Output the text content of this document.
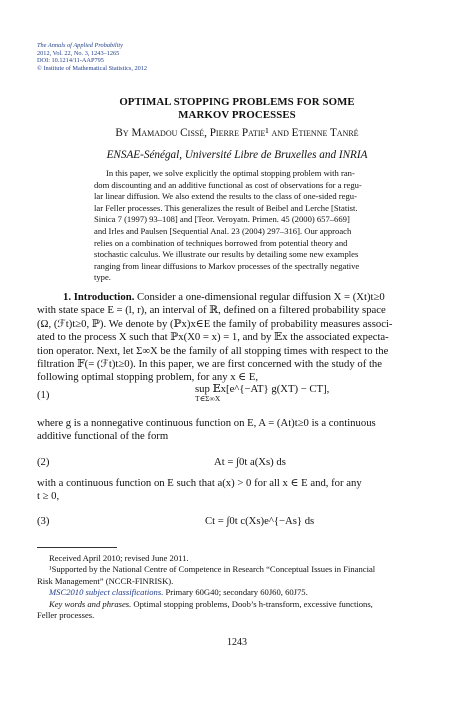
The Annals of Applied Probability
2012, Vol. 22, No. 3, 1243–1265
DOI: 10.1214/11-AAP795
© Institute of Mathematical Statistics, 2012
OPTIMAL STOPPING PROBLEMS FOR SOME
MARKOV PROCESSES
By Mamadou Cissé, Pierre Patie¹ and Etienne Tanré
ENSAE-Sénégal, Université Libre de Bruxelles and INRIA
In this paper, we solve explicitly the optimal stopping problem with ran-
dom discounting and an additive functional as cost of observations for a regu-
lar linear diffusion. We also extend the results to the class of one-sided regu-
lar Feller processes. This generalizes the result of Beibel and Lerche [Statist.
Sinica 7 (1997) 93–108] and [Teor. Veroyatn. Primen. 45 (2000) 657–669]
and Irles and Paulsen [Sequential Anal. 23 (2004) 297–316]. Our approach
relies on a combination of techniques borrowed from potential theory and
stochastic calculus. We illustrate our results by detailing some new examples
ranging from linear diffusions to Markov processes of the spectrally negative
type.
1. Introduction. Consider a one-dimensional regular diffusion X = (Xt)t≥0
with state space E = (l, r), an interval of ℝ, defined on a filtered probability space
(Ω, (ℱt)t≥0, ℙ). We denote by (ℙx)x∈E the family of probability measures associ-
ated to the process X such that ℙx(X0 = x) = 1, and by 𝔼x the associated expecta-
tion operator. Next, let Σ∞X be the family of all stopping times with respect to the
filtration 𝔽(= (ℱt)t≥0). In this paper, we are first concerned with the study of the
following optimal stopping problem, for any x ∈ E,
(1)	sup 𝔼x[e^{−AT} g(XT) − CT],
T∈Σ∞X
where g is a nonnegative continuous function on E, A = (At)t≥0 is a continuous
additive functional of the form
(2)	At = ∫0t a(Xs) ds
with a continuous function on E such that a(x) > 0 for all x ∈ E and, for any
t ≥ 0,
(3)	Ct = ∫0t c(Xs)e^{−As} ds
Received April 2010; revised June 2011.
¹Supported by the National Centre of Competence in Research “Conceptual Issues in Financial
Risk Management” (NCCR-FINRISK).
MSC2010 subject classifications. Primary 60G40; secondary 60J60, 60J75.
Key words and phrases. Optimal stopping problems, Doob’s h-transform, excessive functions,
Feller processes.
1243
